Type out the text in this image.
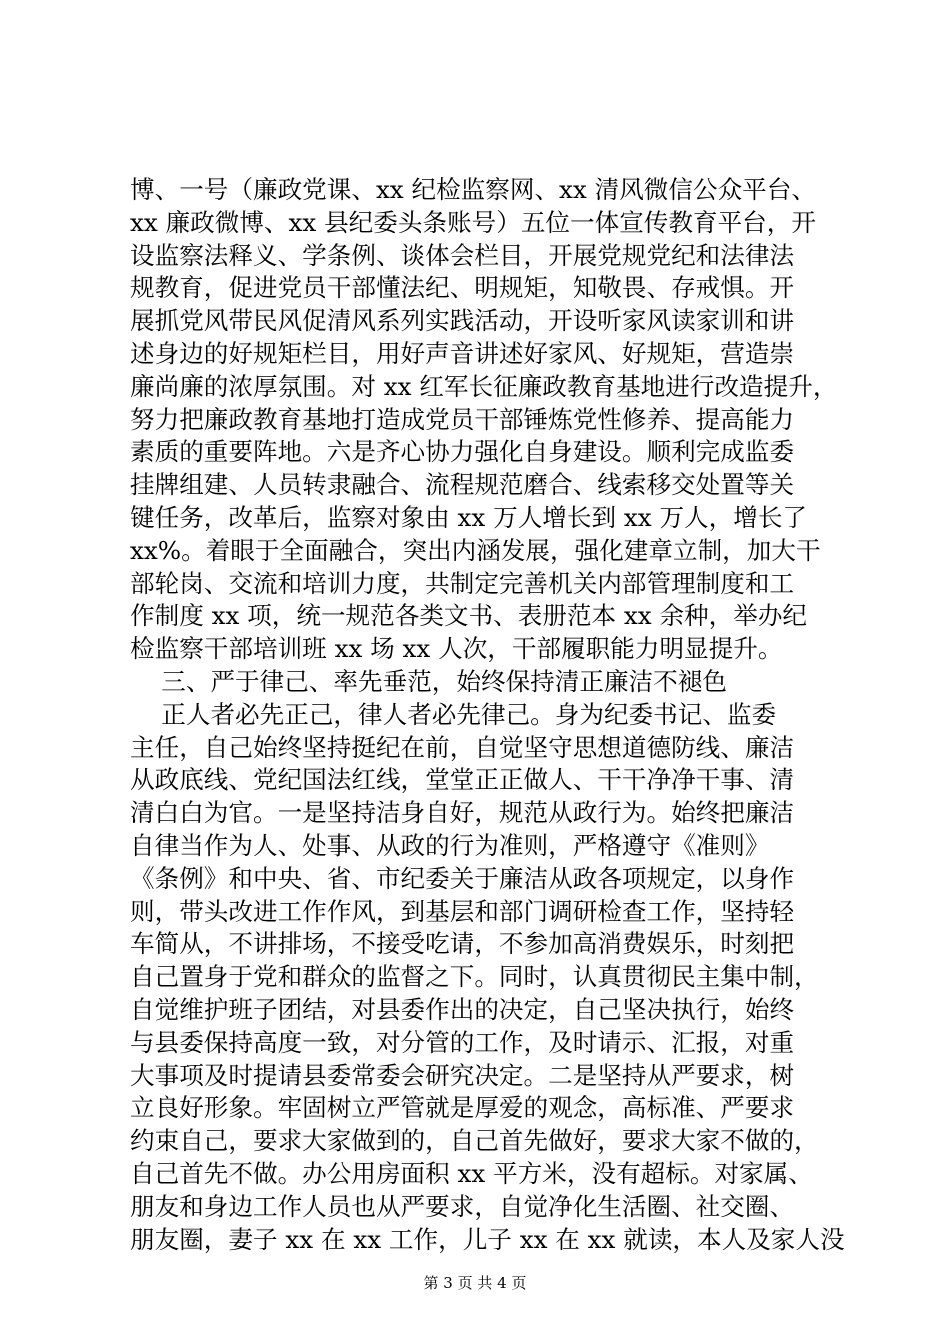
博、一号（廉政党课、xx 纪检监察网、xx 清风微信公众平台、
xx 廉政微博、xx 县纪委头条账号）五位一体宣传教育平台，开
设监察法释义、学条例、谈体会栏目，开展党规党纪和法律法
规教育，促进党员干部懂法纪、明规矩，知敬畏、存戒惧。开
展抓党风带民风促清风系列实践活动，开设听家风读家训和讲
述身边的好规矩栏目，用好声音讲述好家风、好规矩，营造崇
廉尚廉的浓厚氛围。对 xx 红军长征廉政教育基地进行改造提升，
努力把廉政教育基地打造成党员干部锤炼党性修养、提高能力
素质的重要阵地。六是齐心协力强化自身建设。顺利完成监委
挂牌组建、人员转隶融合、流程规范磨合、线索移交处置等关
键任务，改革后，监察对象由 xx 万人增长到 xx 万人，增长了
xx%。着眼于全面融合，突出内涵发展，强化建章立制，加大干
部轮岗、交流和培训力度，共制定完善机关内部管理制度和工
作制度 xx 项，统一规范各类文书、表册范本 xx 余种，举办纪
检监察干部培训班 xx 场 xx 人次，干部履职能力明显提升。
三、严于律己、率先垂范，始终保持清正廉洁不褪色
正人者必先正己，律人者必先律己。身为纪委书记、监委
主任，自己始终坚持挺纪在前，自觉坚守思想道德防线、廉洁
从政底线、党纪国法红线，堂堂正正做人、干干净净干事、清
清白白为官。一是坚持洁身自好，规范从政行为。始终把廉洁
自律当作为人、处事、从政的行为准则，严格遵守《准则》
《条例》和中央、省、市纪委关于廉洁从政各项规定，以身作
则，带头改进工作作风，到基层和部门调研检查工作，坚持轻
车简从，不讲排场，不接受吃请，不参加高消费娱乐，时刻把
自己置身于党和群众的监督之下。同时，认真贯彻民主集中制，
自觉维护班子团结，对县委作出的决定，自己坚决执行，始终
与县委保持高度一致，对分管的工作，及时请示、汇报，对重
大事项及时提请县委常委会研究决定。二是坚持从严要求，树
立良好形象。牢固树立严管就是厚爱的观念，高标准、严要求
约束自己，要求大家做到的，自己首先做好，要求大家不做的，
自己首先不做。办公用房面积 xx 平方米，没有超标。对家属、
朋友和身边工作人员也从严要求，自觉净化生活圈、社交圈、
朋友圈，妻子 xx 在 xx 工作，儿子 xx 在 xx 就读，本人及家人没
第 3 页 共 4 页
